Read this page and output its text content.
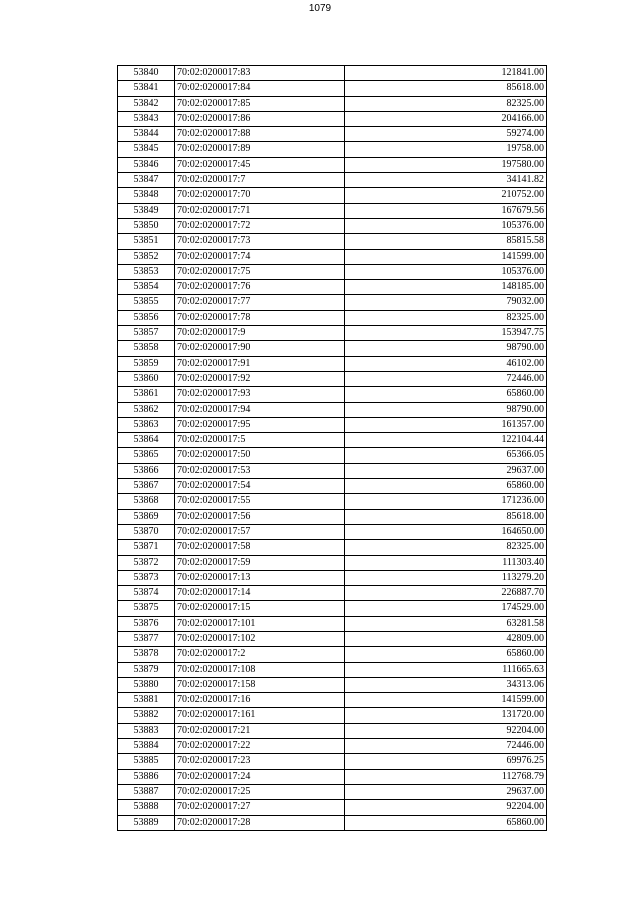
1079
53840	70:02:0200017:83	121841.00
53841	70:02:0200017:84	85618.00
53842	70:02:0200017:85	82325.00
53843	70:02:0200017:86	204166.00
53844	70:02:0200017:88	59274.00
53845	70:02:0200017:89	19758.00
53846	70:02:0200017:45	197580.00
53847	70:02:0200017:7	34141.82
53848	70:02:0200017:70	210752.00
53849	70:02:0200017:71	167679.56
53850	70:02:0200017:72	105376.00
53851	70:02:0200017:73	85815.58
53852	70:02:0200017:74	141599.00
53853	70:02:0200017:75	105376.00
53854	70:02:0200017:76	148185.00
53855	70:02:0200017:77	79032.00
53856	70:02:0200017:78	82325.00
53857	70:02:0200017:9	153947.75
53858	70:02:0200017:90	98790.00
53859	70:02:0200017:91	46102.00
53860	70:02:0200017:92	72446.00
53861	70:02:0200017:93	65860.00
53862	70:02:0200017:94	98790.00
53863	70:02:0200017:95	161357.00
53864	70:02:0200017:5	122104.44
53865	70:02:0200017:50	65366.05
53866	70:02:0200017:53	29637.00
53867	70:02:0200017:54	65860.00
53868	70:02:0200017:55	171236.00
53869	70:02:0200017:56	85618.00
53870	70:02:0200017:57	164650.00
53871	70:02:0200017:58	82325.00
53872	70:02:0200017:59	111303.40
53873	70:02:0200017:13	113279.20
53874	70:02:0200017:14	226887.70
53875	70:02:0200017:15	174529.00
53876	70:02:0200017:101	63281.58
53877	70:02:0200017:102	42809.00
53878	70:02:0200017:2	65860.00
53879	70:02:0200017:108	111665.63
53880	70:02:0200017:158	34313.06
53881	70:02:0200017:16	141599.00
53882	70:02:0200017:161	131720.00
53883	70:02:0200017:21	92204.00
53884	70:02:0200017:22	72446.00
53885	70:02:0200017:23	69976.25
53886	70:02:0200017:24	112768.79
53887	70:02:0200017:25	29637.00
53888	70:02:0200017:27	92204.00
53889	70:02:0200017:28	65860.00
